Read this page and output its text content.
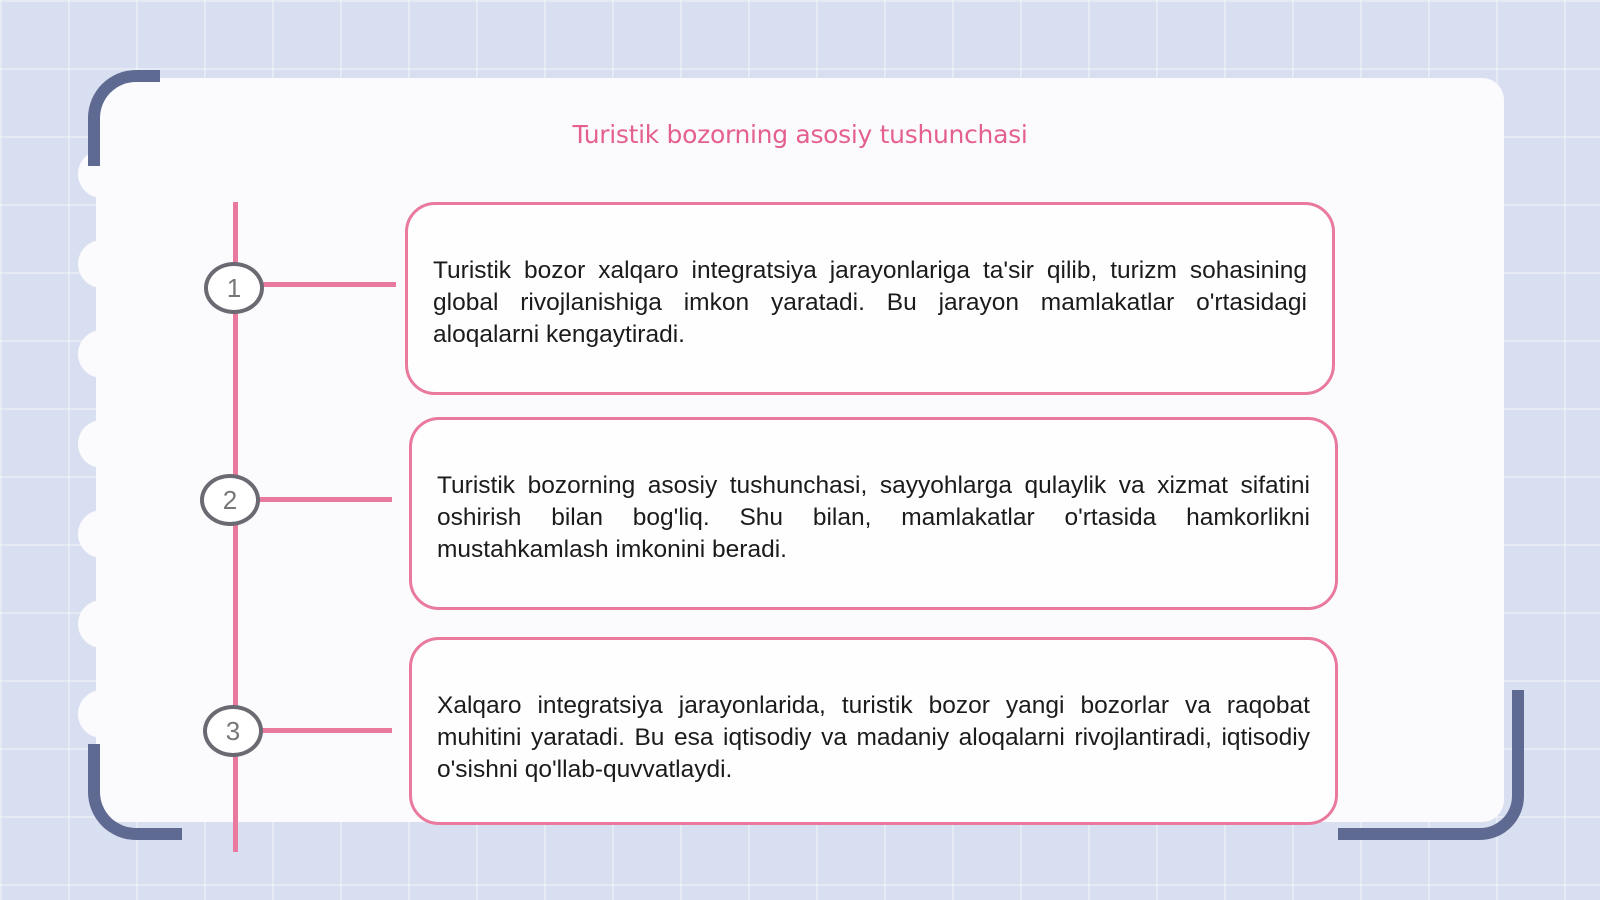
Turistik bozorning asosiy tushunchasi
1

Turistik bozor xalqaro integratsiya jarayonlariga ta'sir qilib, turizm sohasining global rivojlanishiga imkon yaratadi. Bu jarayon mamlakatlar o'rtasidagi aloqalarni kengaytiradi.

2	Turistik bozorning asosiy tushunchasi, sayyohlarga qulaylik va xizmat sifatini oshirish bilan bog'liq. Shu bilan, mamlakatlar o'rtasida hamkorlikni mustahkamlash imkonini beradi.

3

Xalqaro integratsiya jarayonlarida, turistik bozor yangi bozorlar va raqobat muhitini yaratadi. Bu esa iqtisodiy va madaniy aloqalarni rivojlantiradi, iqtisodiy o'sishni qo'llab-quvvatlaydi.
